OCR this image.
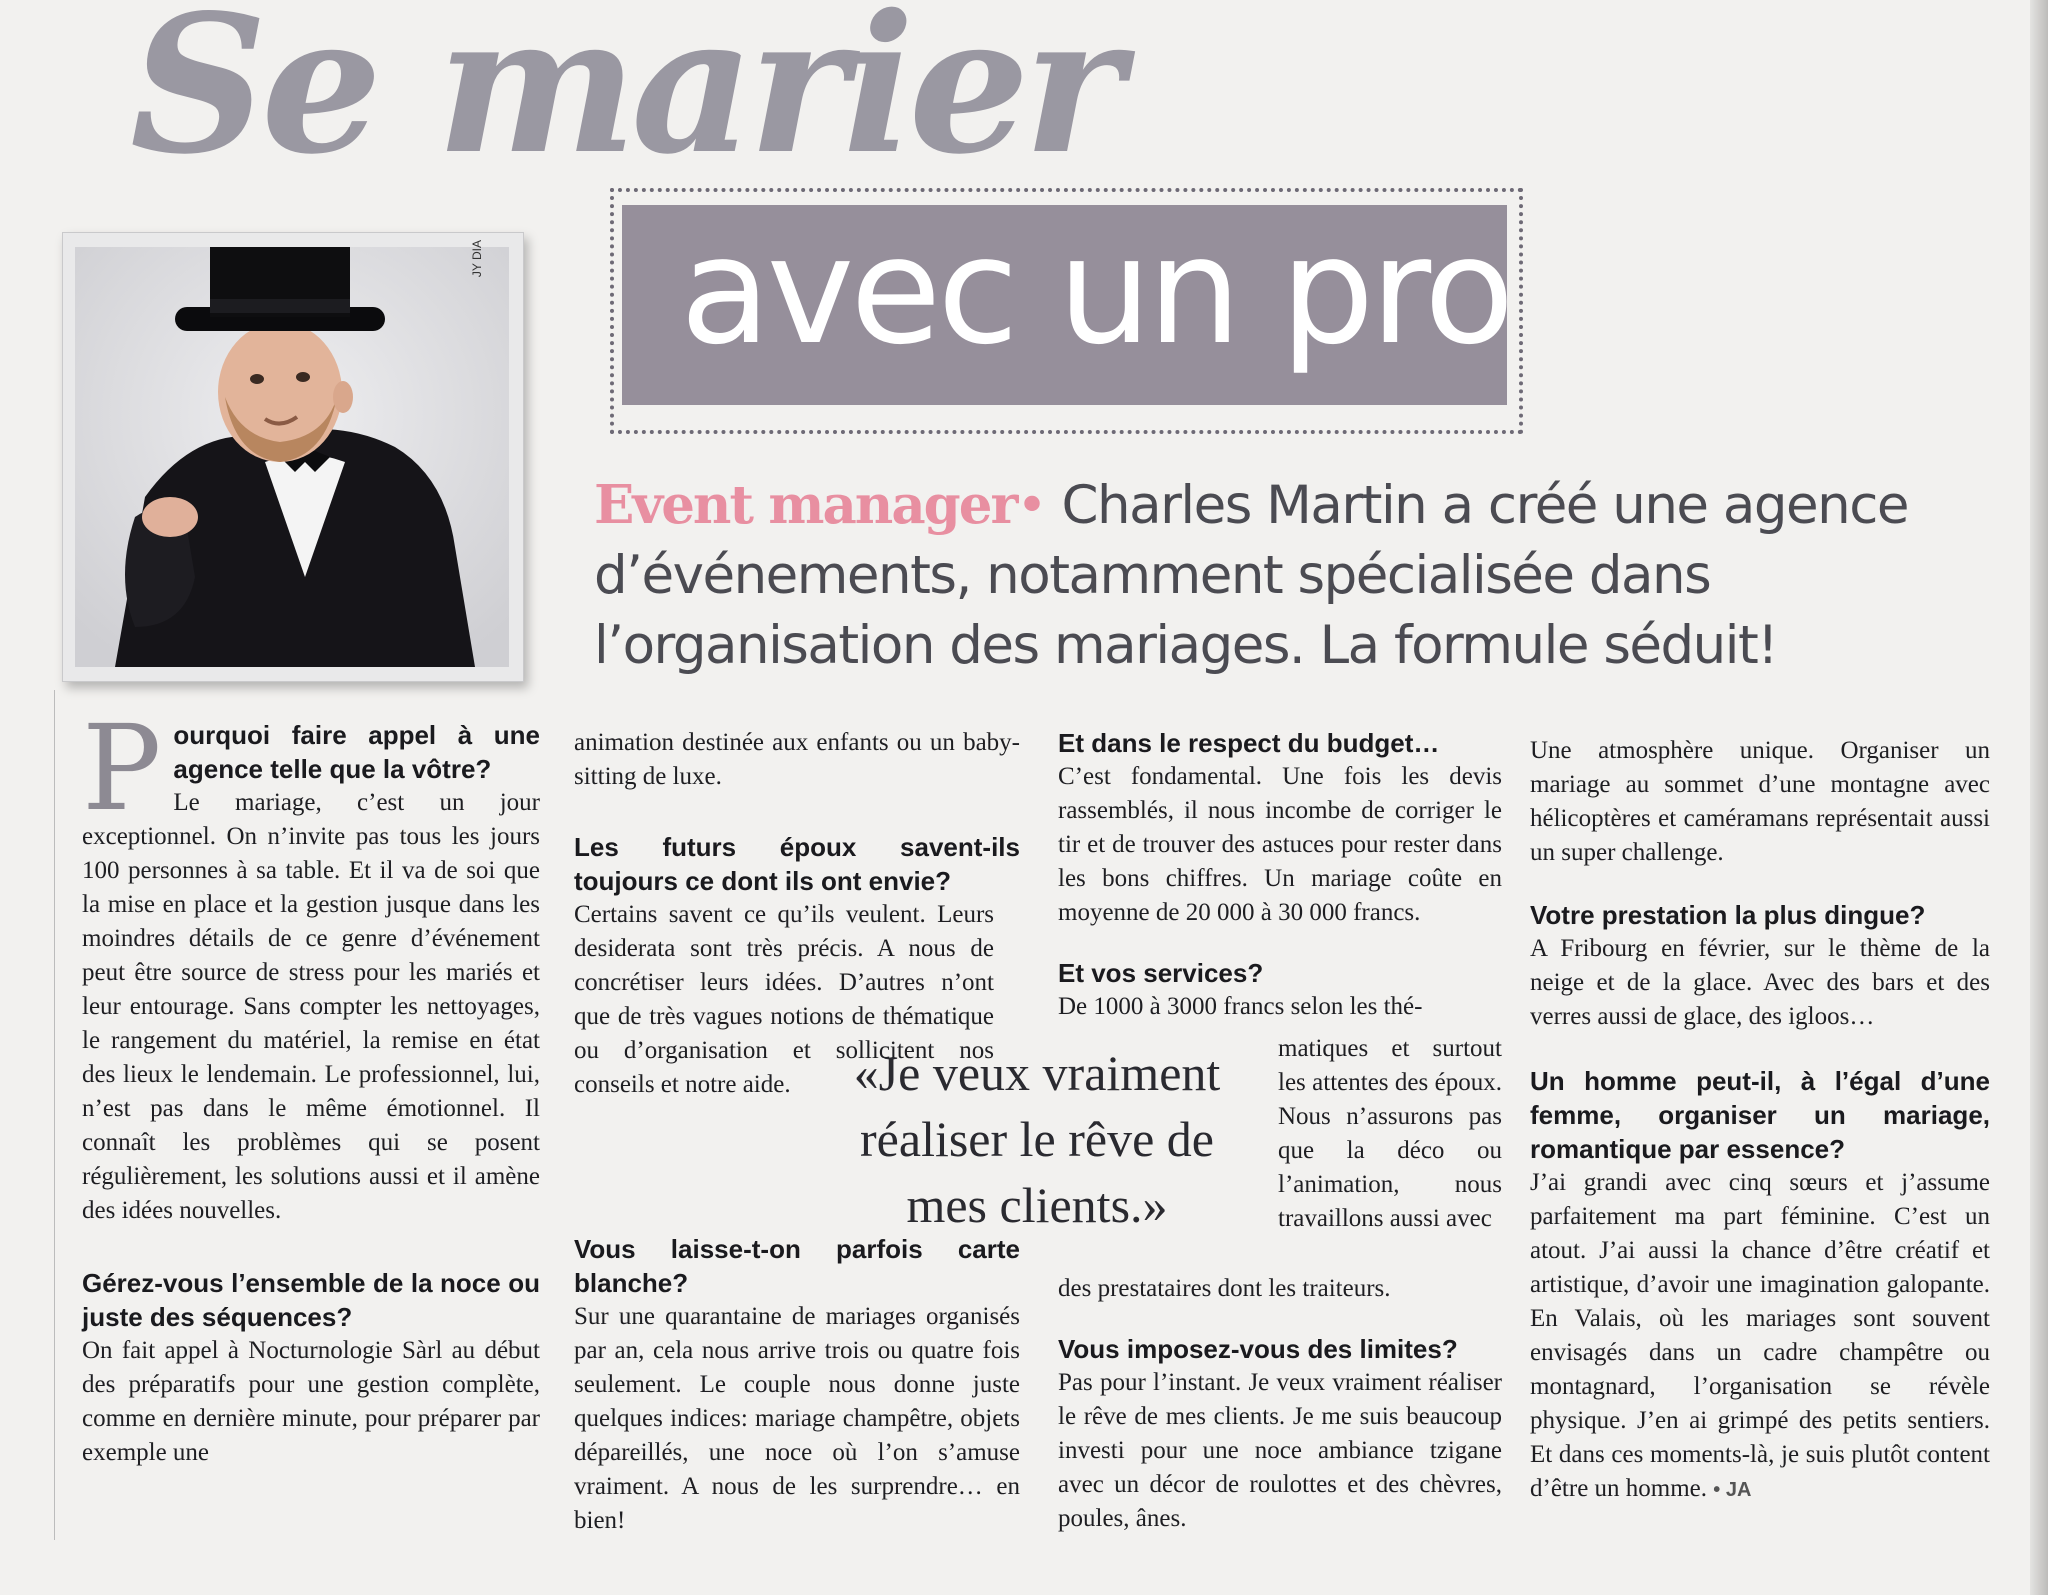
Se marier
JY DIA avec un pro
Event manager• Charles Martin a créé une agence d’événements, notamment spécialisée dans l’organisation des mariages. La formule séduit!
P ourquoi faire appel à une agence telle que la vôtre?

Le mariage, c’est un jour exceptionnel. On n’invite pas tous les jours 100 personnes à sa table. Et il va de soi que la mise en place et la gestion jusque dans les moindres détails de ce genre d’événement peut être source de stress pour les mariés et leur entourage. Sans compter les nettoyages, le rangement du matériel, la remise en état des lieux le lendemain. Le professionnel, lui, n’est pas dans le même émotionnel. Il connaît les problèmes qui se posent régulièrement, les solutions aussi et il amène des idées nouvelles.

Gérez-vous l’ensemble de la noce ou juste des séquences?

On fait appel à Nocturnologie Sàrl au début des préparatifs pour une gestion complète, comme en dernière minute, pour préparer par exemple une

animation destinée aux enfants ou un baby-sitting de luxe.

Les futurs époux savent-ils toujours ce dont ils ont envie?

Certains savent ce qu’ils veulent. Leurs desiderata sont très précis. A nous de concrétiser leurs idées. D’autres n’ont que de très vagues notions de thématique ou d’organisation et sollicitent nos conseils et notre aide.

Vous laisse-t-on parfois carte blanche?

Sur une quarantaine de mariages organisés par an, cela nous arrive trois ou quatre fois seulement. Le couple nous donne juste quelques indices: mariage champêtre, objets dépareillés, une noce où l’on s’amuse vraiment. A nous de les surprendre… en bien!

«Je veux vraiment réaliser le rêve de mes clients.»

Et dans le respect du budget…

C’est fondamental. Une fois les devis rassemblés, il nous incombe de corriger le tir et de trouver des astuces pour rester dans les bons chiffres. Un mariage coûte en moyenne de 20 000 à 30 000 francs.

Et vos services?

De 1000 à 3000 francs selon les thé-

matiques et surtout les attentes des époux. Nous n’assurons pas que la déco ou l’animation, nous travaillons aussi avec

des prestataires dont les traiteurs.

Vous imposez-vous des limites?

Pas pour l’instant. Je veux vraiment réaliser le rêve de mes clients. Je me suis beaucoup investi pour une noce ambiance tzigane avec un décor de roulottes et des chèvres, poules, ânes.

Une atmosphère unique. Organiser un mariage au sommet d’une montagne avec hélicoptères et caméramans représentait aussi un super challenge.

Votre prestation la plus dingue?

A Fribourg en février, sur le thème de la neige et de la glace. Avec des bars et des verres aussi de glace, des igloos…

Un homme peut-il, à l’égal d’une femme, organiser un mariage, romantique par essence?

J’ai grandi avec cinq sœurs et j’assume parfaitement ma part féminine. C’est un atout. J’ai aussi la chance d’être créatif et artistique, d’avoir une imagination galopante. En Valais, où les mariages sont souvent envisagés dans un cadre champêtre ou montagnard, l’organisation se révèle physique. J’en ai grimpé des petits sentiers. Et dans ces moments-là, je suis plutôt content d’être un homme. • JA
